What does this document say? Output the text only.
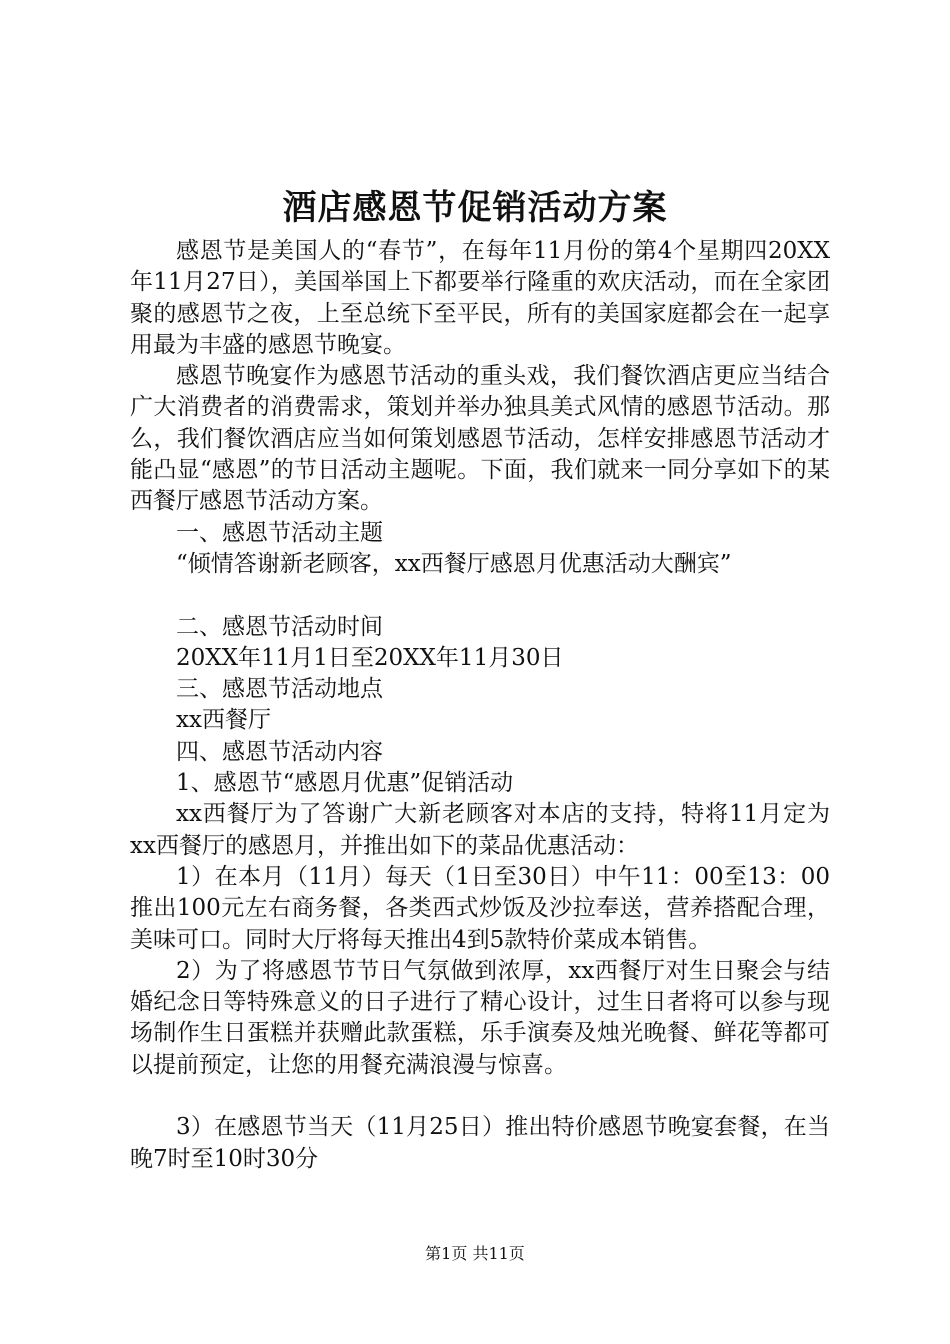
酒店感恩节促销活动方案

感恩节是美国人的“春节”，在每年11月份的第4个星期四20XX年11月27日），美国举国上下都要举行隆重的欢庆活动，而在全家团聚的感恩节之夜，上至总统下至平民，所有的美国家庭都会在一起享用最为丰盛的感恩节晚宴。

感恩节晚宴作为感恩节活动的重头戏，我们餐饮酒店更应当结合广大消费者的消费需求，策划并举办独具美式风情的感恩节活动。那么，我们餐饮酒店应当如何策划感恩节活动，怎样安排感恩节活动才能凸显“感恩”的节日活动主题呢。下面，我们就来一同分享如下的某西餐厅感恩节活动方案。

一、感恩节活动主题

“倾情答谢新老顾客，xx西餐厅感恩月优惠活动大酬宾”

二、感恩节活动时间

20XX年11月1日至20XX年11月30日

三、感恩节活动地点

xx西餐厅

四、感恩节活动内容

1、感恩节“感恩月优惠”促销活动

xx西餐厅为了答谢广大新老顾客对本店的支持，特将11月定为xx西餐厅的感恩月，并推出如下的菜品优惠活动：

1）在本月（11月）每天（1日至30日）中午11：00至13：00推出100元左右商务餐，各类西式炒饭及沙拉奉送，营养搭配合理，美味可口。同时大厅将每天推出4到5款特价菜成本销售。

2）为了将感恩节节日气氛做到浓厚，xx西餐厅对生日聚会与结婚纪念日等特殊意义的日子进行了精心设计，过生日者将可以参与现场制作生日蛋糕并获赠此款蛋糕，乐手演奏及烛光晚餐、鲜花等都可以提前预定，让您的用餐充满浪漫与惊喜。

3）在感恩节当天（11月25日）推出特价感恩节晚宴套餐，在当晚7时至10时30分

第1页 共11页
